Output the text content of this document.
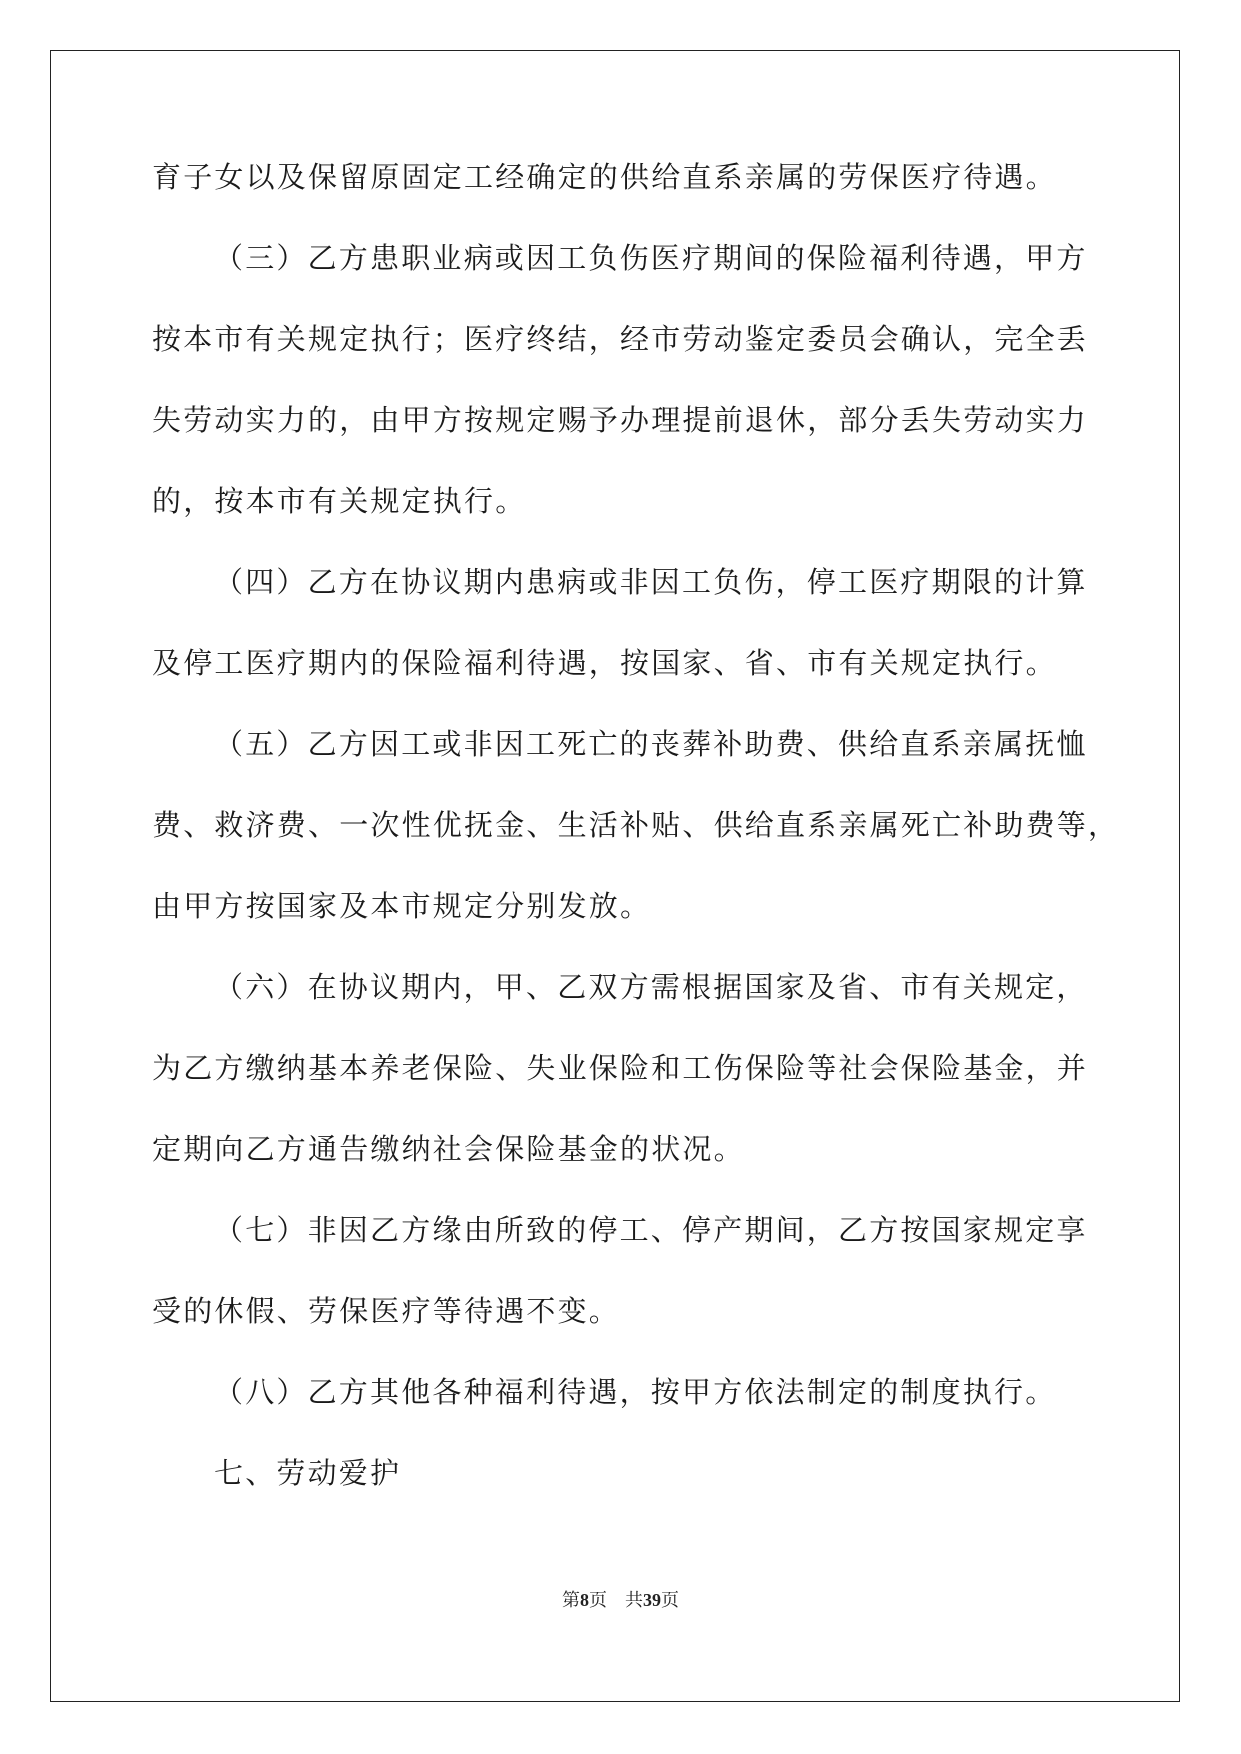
育子女以及保留原固定工经确定的供给直系亲属的劳保医疗待遇。
（三）乙方患职业病或因工负伤医疗期间的保险福利待遇，甲方
按本市有关规定执行；医疗终结，经市劳动鉴定委员会确认，完全丢
失劳动实力的，由甲方按规定赐予办理提前退休，部分丢失劳动实力
的，按本市有关规定执行。
（四）乙方在协议期内患病或非因工负伤，停工医疗期限的计算
及停工医疗期内的保险福利待遇，按国家、省、市有关规定执行。
（五）乙方因工或非因工死亡的丧葬补助费、供给直系亲属抚恤
费、救济费、一次性优抚金、生活补贴、供给直系亲属死亡补助费等，
由甲方按国家及本市规定分别发放。
（六）在协议期内，甲、乙双方需根据国家及省、市有关规定，
为乙方缴纳基本养老保险、失业保险和工伤保险等社会保险基金，并
定期向乙方通告缴纳社会保险基金的状况。
（七）非因乙方缘由所致的停工、停产期间，乙方按国家规定享
受的休假、劳保医疗等待遇不变。
（八）乙方其他各种福利待遇，按甲方依法制定的制度执行。
七、劳动爱护
第8页　共39页
